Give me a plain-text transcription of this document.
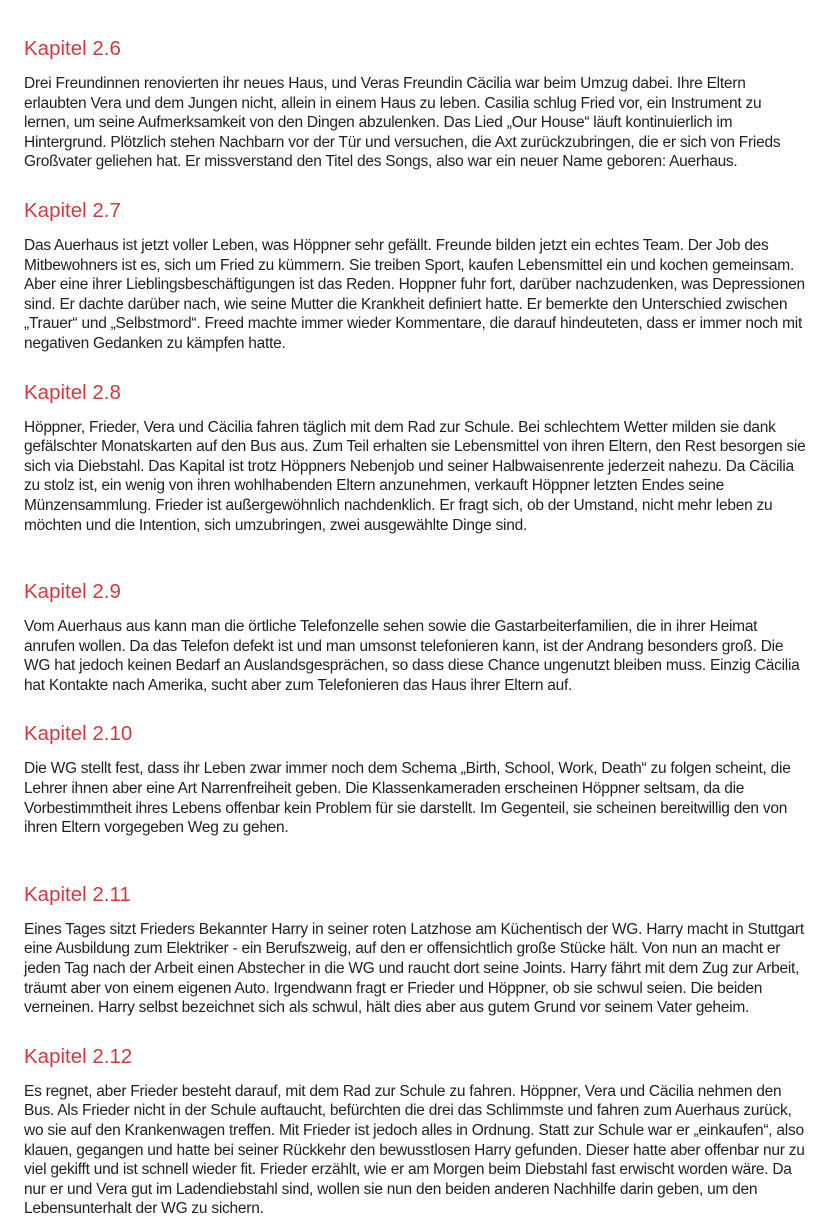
Kapitel 2.6

Drei Freundinnen renovierten ihr neues Haus, und Veras Freundin Cäcilia war beim Umzug dabei. Ihre Eltern erlaubten Vera und dem Jungen nicht, allein in einem Haus zu leben. Casilia schlug Fried vor, ein Instrument zu lernen, um seine Aufmerksamkeit von den Dingen abzulenken. Das Lied „Our House“ läuft kontinuierlich im Hintergrund. Plötzlich stehen Nachbarn vor der Tür und versuchen, die Axt zurückzubringen, die er sich von Frieds Großvater geliehen hat. Er missverstand den Titel des Songs, also war ein neuer Name geboren: Auerhaus.

Kapitel 2.7

Das Auerhaus ist jetzt voller Leben, was Höppner sehr gefällt. Freunde bilden jetzt ein echtes Team. Der Job des Mitbewohners ist es, sich um Fried zu kümmern. Sie treiben Sport, kaufen Lebensmittel ein und kochen gemeinsam. Aber eine ihrer Lieblingsbeschäftigungen ist das Reden. Hoppner fuhr fort, darüber nachzudenken, was Depressionen sind. Er dachte darüber nach, wie seine Mutter die Krankheit definiert hatte. Er bemerkte den Unterschied zwischen „Trauer“ und „Selbstmord“. Freed machte immer wieder Kommentare, die darauf hindeuteten, dass er immer noch mit negativen Gedanken zu kämpfen hatte.

Kapitel 2.8

Höppner, Frieder, Vera und Cäcilia fahren täglich mit dem Rad zur Schule. Bei schlechtem Wetter milden sie dank gefälschter Monatskarten auf den Bus aus. Zum Teil erhalten sie Lebensmittel von ihren Eltern, den Rest besorgen sie sich via Diebstahl. Das Kapital ist trotz Höppners Nebenjob und seiner Halbwaisenrente jederzeit nahezu. Da Cäcilia zu stolz ist, ein wenig von ihren wohlhabenden Eltern anzunehmen, verkauft Höppner letzten Endes seine Münzensammlung. Frieder ist außergewöhnlich nachdenklich. Er fragt sich, ob der Umstand, nicht mehr leben zu möchten und die Intention, sich umzubringen, zwei ausgewählte Dinge sind.

Kapitel 2.9

Vom Auerhaus aus kann man die örtliche Telefonzelle sehen sowie die Gastarbeiterfamilien, die in ihrer Heimat anrufen wollen. Da das Telefon defekt ist und man umsonst telefonieren kann, ist der Andrang besonders groß. Die WG hat jedoch keinen Bedarf an Auslandsgesprächen, so dass diese Chance ungenutzt bleiben muss. Einzig Cäcilia hat Kontakte nach Amerika, sucht aber zum Telefonieren das Haus ihrer Eltern auf.

Kapitel 2.10

Die WG stellt fest, dass ihr Leben zwar immer noch dem Schema „Birth, School, Work, Death“ zu folgen scheint, die Lehrer ihnen aber eine Art Narrenfreiheit geben. Die Klassenkameraden erscheinen Höppner seltsam, da die Vorbestimmtheit ihres Lebens offenbar kein Problem für sie darstellt. Im Gegenteil, sie scheinen bereitwillig den von ihren Eltern vorgegeben Weg zu gehen.

Kapitel 2.11

Eines Tages sitzt Frieders Bekannter Harry in seiner roten Latzhose am Küchentisch der WG. Harry macht in Stuttgart eine Ausbildung zum Elektriker - ein Berufszweig, auf den er offensichtlich große Stücke hält. Von nun an macht er jeden Tag nach der Arbeit einen Abstecher in die WG und raucht dort seine Joints. Harry fährt mit dem Zug zur Arbeit, träumt aber von einem eigenen Auto. Irgendwann fragt er Frieder und Höppner, ob sie schwul seien. Die beiden verneinen. Harry selbst bezeichnet sich als schwul, hält dies aber aus gutem Grund vor seinem Vater geheim.

Kapitel 2.12

Es regnet, aber Frieder besteht darauf, mit dem Rad zur Schule zu fahren. Höppner, Vera und Cäcilia nehmen den Bus. Als Frieder nicht in der Schule auftaucht, befürchten die drei das Schlimmste und fahren zum Auerhaus zurück, wo sie auf den Krankenwagen treffen. Mit Frieder ist jedoch alles in Ordnung. Statt zur Schule war er „einkaufen“, also klauen, gegangen und hatte bei seiner Rückkehr den bewusstlosen Harry gefunden. Dieser hatte aber offenbar nur zu viel gekifft und ist schnell wieder fit. Frieder erzählt, wie er am Morgen beim Diebstahl fast erwischt worden wäre. Da nur er und Vera gut im Ladendiebstahl sind, wollen sie nun den beiden anderen Nachhilfe darin geben, um den Lebensunterhalt der WG zu sichern.
